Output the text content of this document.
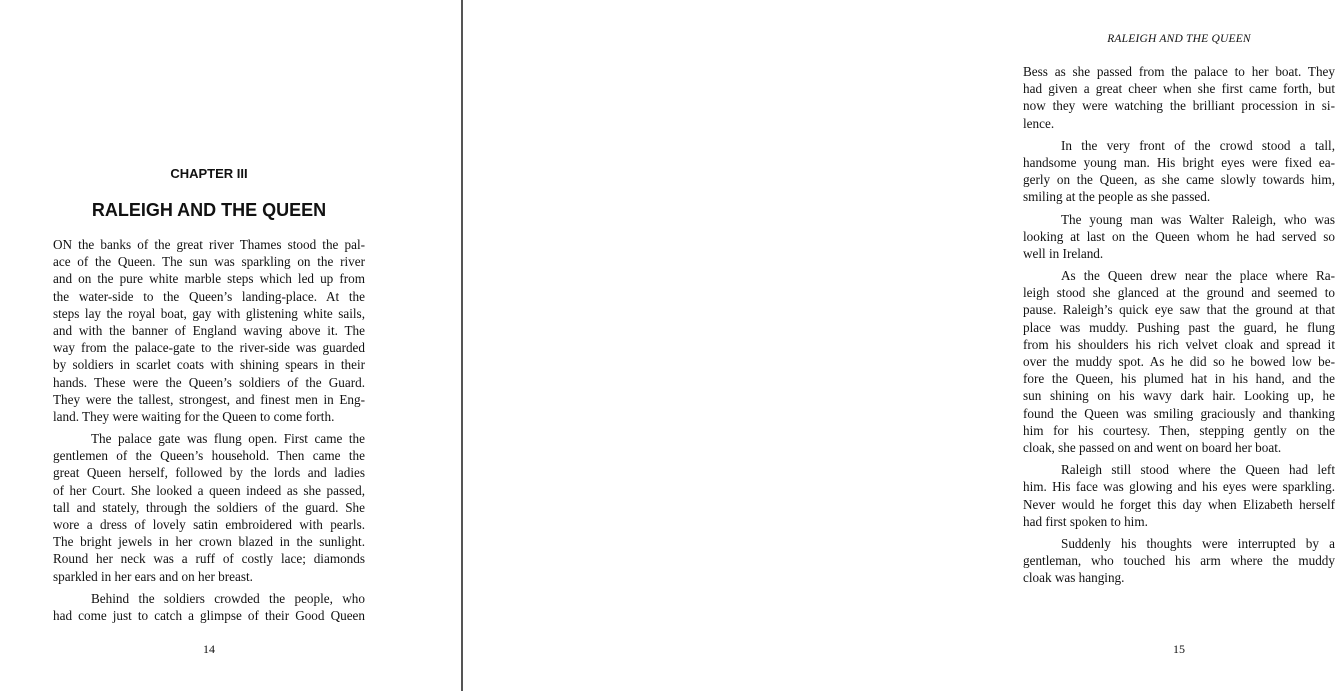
CHAPTER III
RALEIGH AND THE QUEEN
ON the banks of the great river Thames stood the pal-
ace of the Queen. The sun was sparkling on the river
and on the pure white marble steps which led up from
the water-side to the Queen’s landing-place. At the
steps lay the royal boat, gay with glistening white sails,
and with the banner of England waving above it. The
way from the palace-gate to the river-side was guarded
by soldiers in scarlet coats with shining spears in their
hands. These were the Queen’s soldiers of the Guard.
They were the tallest, strongest, and finest men in Eng-
land. They were waiting for the Queen to come forth.
The palace gate was flung open. First came the
gentlemen of the Queen’s household. Then came the
great Queen herself, followed by the lords and ladies
of her Court. She looked a queen indeed as she passed,
tall and stately, through the soldiers of the guard. She
wore a dress of lovely satin embroidered with pearls.
The bright jewels in her crown blazed in the sunlight.
Round her neck was a ruff of costly lace; diamonds
sparkled in her ears and on her breast.
Behind the soldiers crowded the people, who
had come just to catch a glimpse of their Good Queen
14
RALEIGH AND THE QUEEN
Bess as she passed from the palace to her boat. They
had given a great cheer when she first came forth, but
now they were watching the brilliant procession in si-
lence.
In the very front of the crowd stood a tall,
handsome young man. His bright eyes were fixed ea-
gerly on the Queen, as she came slowly towards him,
smiling at the people as she passed.
The young man was Walter Raleigh, who was
looking at last on the Queen whom he had served so
well in Ireland.
As the Queen drew near the place where Ra-
leigh stood she glanced at the ground and seemed to
pause. Raleigh’s quick eye saw that the ground at that
place was muddy. Pushing past the guard, he flung
from his shoulders his rich velvet cloak and spread it
over the muddy spot. As he did so he bowed low be-
fore the Queen, his plumed hat in his hand, and the
sun shining on his wavy dark hair. Looking up, he
found the Queen was smiling graciously and thanking
him for his courtesy. Then, stepping gently on the
cloak, she passed on and went on board her boat.
Raleigh still stood where the Queen had left
him. His face was glowing and his eyes were sparkling.
Never would he forget this day when Elizabeth herself
had first spoken to him.
Suddenly his thoughts were interrupted by a
gentleman, who touched his arm where the muddy
cloak was hanging.
15
